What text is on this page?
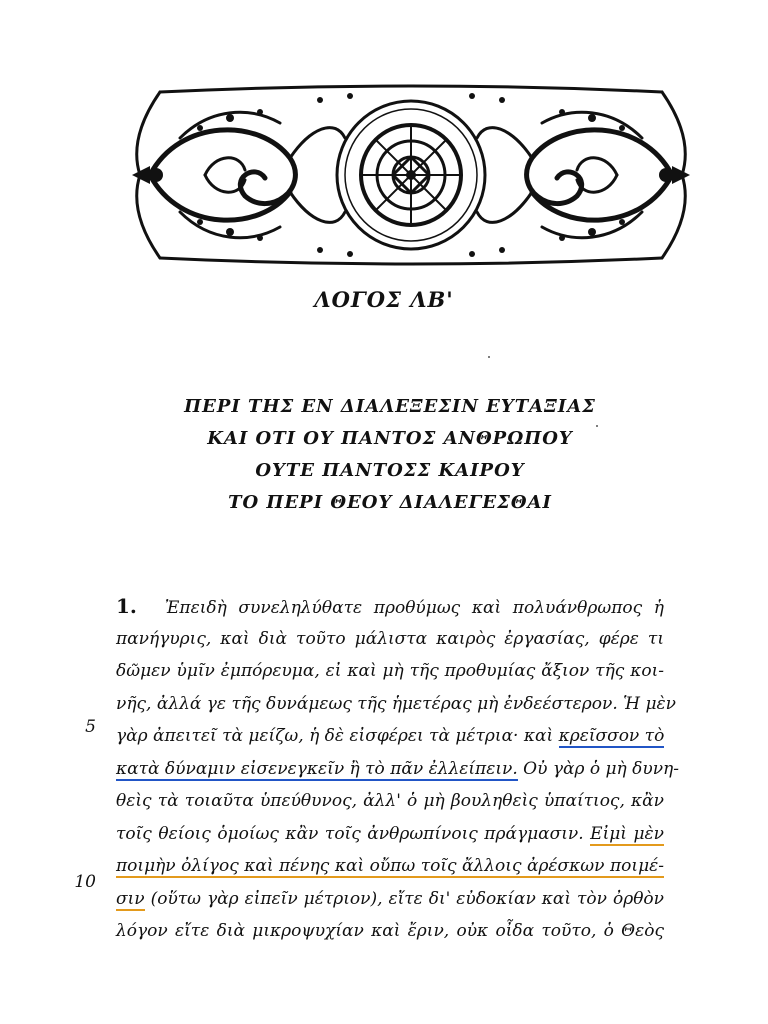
ΛΟΓΟΣ ΛΒ'
ΠΕΡΙ ΤΗΣ ΕΝ ΔΙΑΛΕΞΕΣΙΝ ΕΥΤΑΞΙΑΣ
ΚΑΙ ΟΤΙ ΟΥ ΠΑΝΤΟΣ ΑΝΘΡΩΠΟΥ
ΟΥΤΕ ΠΑΝΤΟΣΣ ΚΑΙΡΟΥ
ΤΟ ΠΕΡΙ ΘΕΟΥ ΔΙΑΛΕΓΕΣΘΑΙ
5
10
1. Ἐπειδὴ συνεληλύθατε προθύμως καὶ πολυάνθρωπος ἡ
πανήγυρις, καὶ διὰ τοῦτο μάλιστα καιρὸς ἐργασίας, φέρε τι
δῶμεν ὑμῖν ἐμπόρευμα, εἰ καὶ μὴ τῆς προθυμίας ἄξιον τῆς κοι-
νῆς, ἀλλά γε τῆς δυνάμεως τῆς ἡμετέρας μὴ ἐνδεέστερον. Ἡ μὲν
γὰρ ἀπειτεῖ τὰ μείζω, ἡ δὲ εἰσφέρει τὰ μέτρια· καὶ κρεῖσσον τὸ
κατὰ δύναμιν εἰσενεγκεῖν ἢ τὸ πᾶν ἐλλείπειν. Οὐ γὰρ ὁ μὴ δυνη-
θεὶς τὰ τοιαῦτα ὑπεύθυνος, ἀλλ' ὁ μὴ βουληθεὶς ὑπαίτιος, κἂν
τοῖς θείοις ὁμοίως κἂν τοῖς ἀνθρωπίνοις πράγμασιν. Εἰμὶ μὲν
ποιμὴν ὀλίγος καὶ πένης καὶ οὔπω τοῖς ἄλλοις ἀρέσκων ποιμέ-
σιν (οὕτω γὰρ εἰπεῖν μέτριον), εἴτε δι' εὐδοκίαν καὶ τὸν ὀρθὸν
λόγον εἴτε διὰ μικροψυχίαν καὶ ἔριν, οὐκ οἶδα τοῦτο, ὁ Θεὸς
